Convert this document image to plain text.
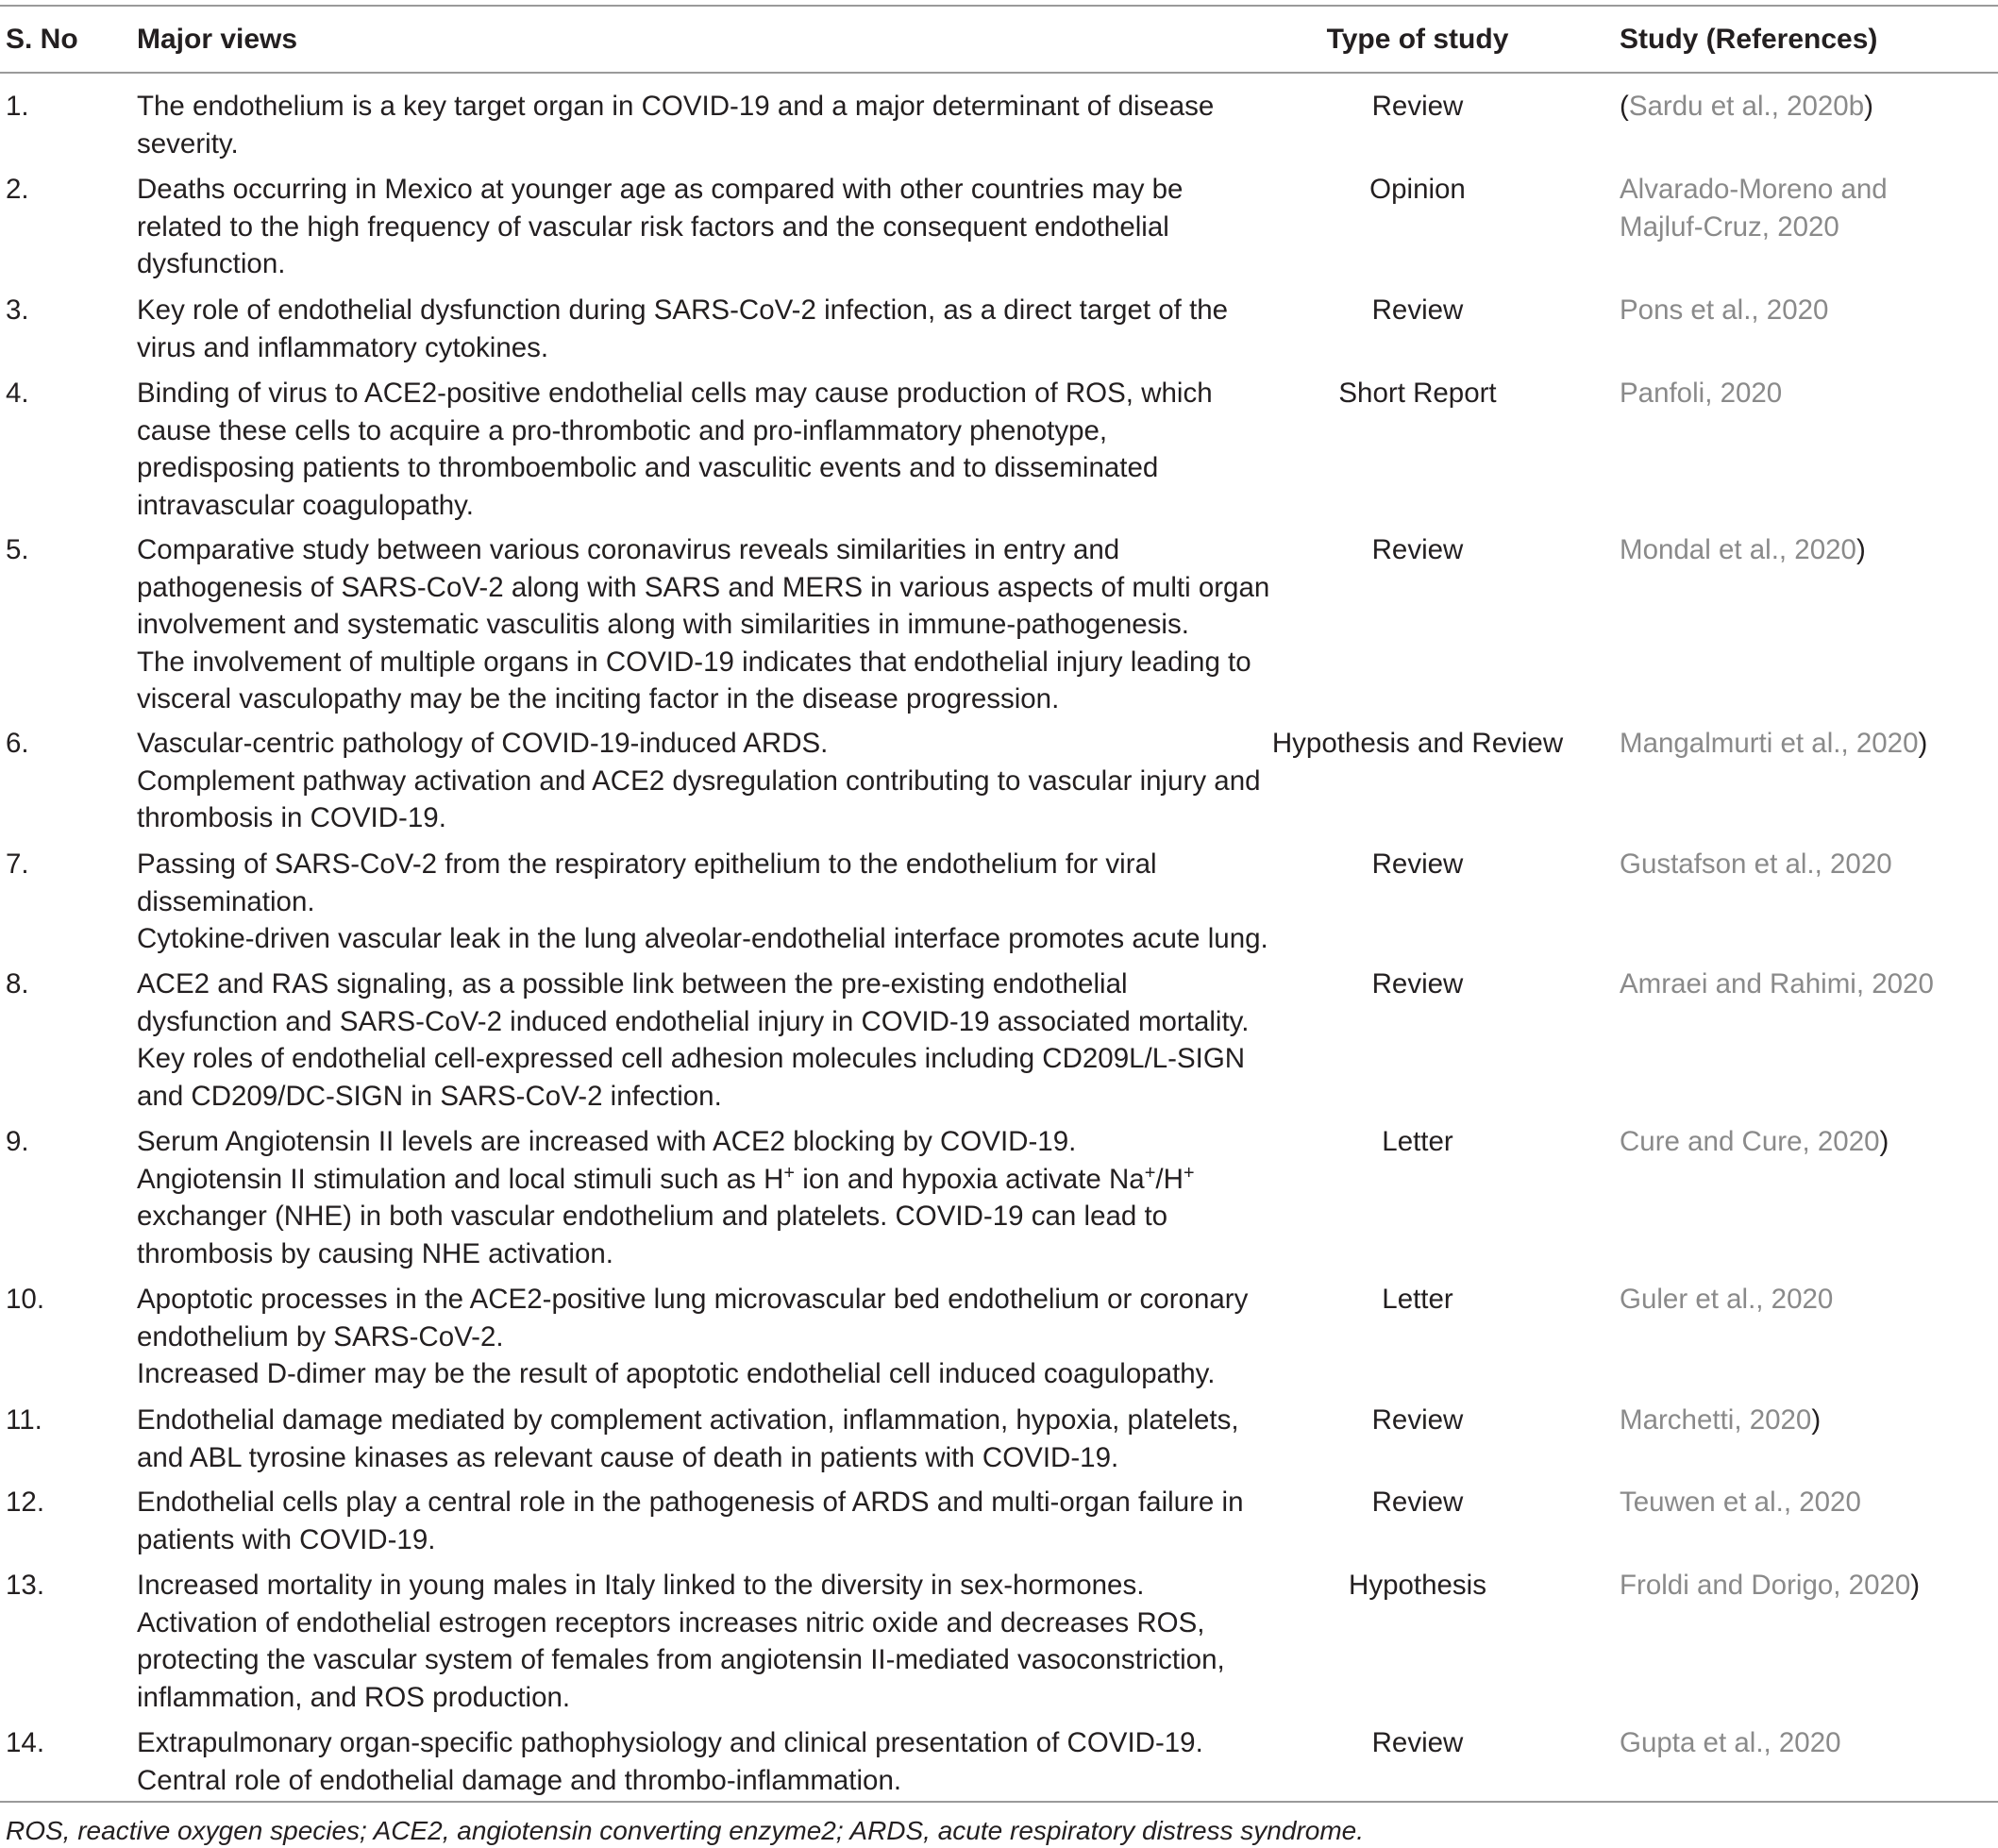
S. No Major views	Type of study	Study (References)
1.	The endothelium is a key target organ in COVID-19 and a major determinant of disease
severity.
Review	(Sardu et al., 2020b)
2.	Deaths occurring in Mexico at younger age as compared with other countries may be
related to the high frequency of vascular risk factors and the consequent endothelial
dysfunction.
Opinion	Alvarado-Moreno and
Majluf-Cruz, 2020
3.	Key role of endothelial dysfunction during SARS-CoV-2 infection, as a direct target of the
virus and inflammatory cytokines.
Review	Pons et al., 2020
4.	Binding of virus to ACE2-positive endothelial cells may cause production of ROS, which
cause these cells to acquire a pro-thrombotic and pro-inflammatory phenotype,
predisposing patients to thromboembolic and vasculitic events and to disseminated
intravascular coagulopathy.
Short Report	Panfoli, 2020
5.	Comparative study between various coronavirus reveals similarities in entry and
pathogenesis of SARS-CoV-2 along with SARS and MERS in various aspects of multi organ
involvement and systematic vasculitis along with similarities in immune-pathogenesis.
The involvement of multiple organs in COVID-19 indicates that endothelial injury leading to
visceral vasculopathy may be the inciting factor in the disease progression.
Review	Mondal et al., 2020)
6.	Vascular-centric pathology of COVID-19-induced ARDS.
Complement pathway activation and ACE2 dysregulation contributing to vascular injury and
thrombosis in COVID-19.
Hypothesis and Review	Mangalmurti et al., 2020)
7.	Passing of SARS-CoV-2 from the respiratory epithelium to the endothelium for viral
dissemination.
Cytokine-driven vascular leak in the lung alveolar-endothelial interface promotes acute lung.
Review	Gustafson et al., 2020
8.	ACE2 and RAS signaling, as a possible link between the pre-existing endothelial
dysfunction and SARS-CoV-2 induced endothelial injury in COVID-19 associated mortality.
Key roles of endothelial cell-expressed cell adhesion molecules including CD209L/L-SIGN
and CD209/DC-SIGN in SARS-CoV-2 infection.
Review	Amraei and Rahimi, 2020
9.	Serum Angiotensin II levels are increased with ACE2 blocking by COVID-19.
Angiotensin II stimulation and local stimuli such as H+ ion and hypoxia activate Na+/H+
exchanger (NHE) in both vascular endothelium and platelets. COVID-19 can lead to
thrombosis by causing NHE activation.
Letter	Cure and Cure, 2020)
10.	Apoptotic processes in the ACE2-positive lung microvascular bed endothelium or coronary
endothelium by SARS-CoV-2.
Increased D-dimer may be the result of apoptotic endothelial cell induced coagulopathy.
Letter	Guler et al., 2020
11.	Endothelial damage mediated by complement activation, inflammation, hypoxia, platelets,
and ABL tyrosine kinases as relevant cause of death in patients with COVID-19.
Review	Marchetti, 2020)
12.	Endothelial cells play a central role in the pathogenesis of ARDS and multi-organ failure in
patients with COVID-19.
Review	Teuwen et al., 2020
13.	Increased mortality in young males in Italy linked to the diversity in sex-hormones.
Activation of endothelial estrogen receptors increases nitric oxide and decreases ROS,
protecting the vascular system of females from angiotensin II-mediated vasoconstriction,
inflammation, and ROS production.
Hypothesis	Froldi and Dorigo, 2020)
14.	Extrapulmonary organ-specific pathophysiology and clinical presentation of COVID-19.
Central role of endothelial damage and thrombo-inflammation.
Review	Gupta et al., 2020
ROS, reactive oxygen species; ACE2, angiotensin converting enzyme2; ARDS, acute respiratory distress syndrome.
